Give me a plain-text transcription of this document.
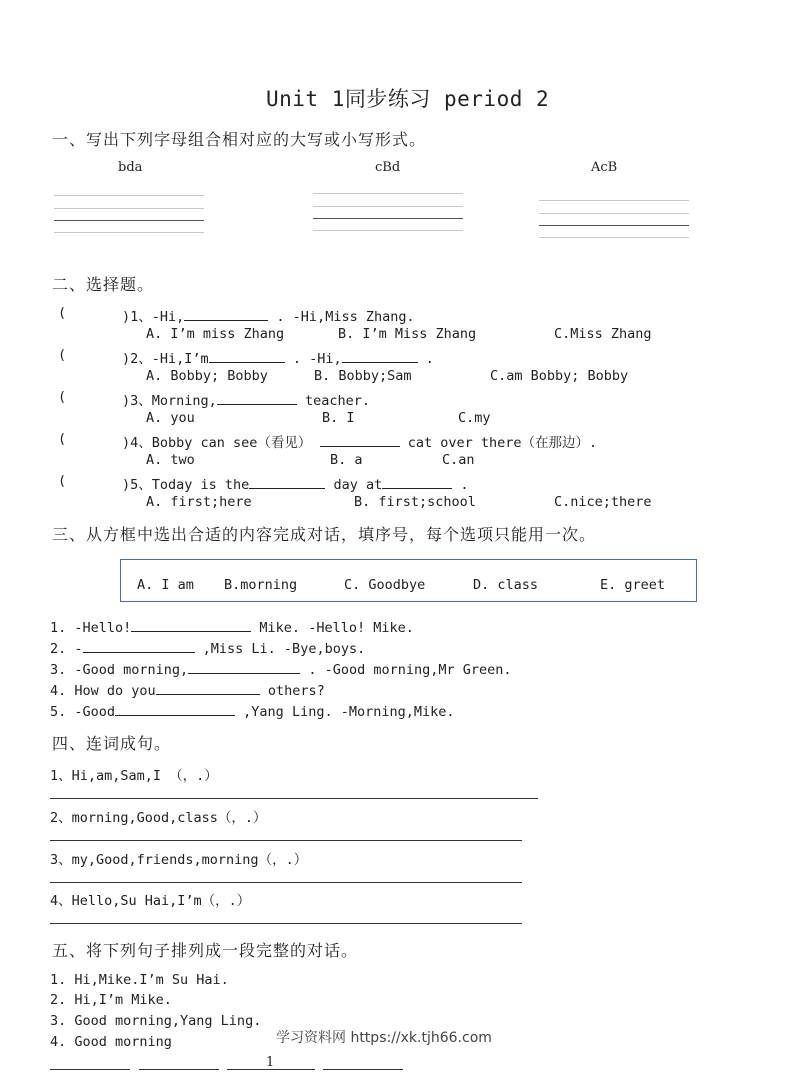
Unit 1同步练习 period 2
一、写出下列字母组合相对应的大写或小写形式。
bda	cBd	AcB
二、选择题。
(	)1、-Hi,	. -Hi,Miss Zhang.
A. I’m miss Zhang	B. I’m Miss Zhang	C.Miss Zhang
(	)2、-Hi,I’m	. -Hi,	.
A. Bobby; Bobby	B. Bobby;Sam	C.am Bobby; Bobby
(	)3、Morning,	teacher.
A. you	B. I	C.my
(	)4、Bobby can see（看见）	cat over there（在那边）.
A. two	B. a	C.an
(	)5、Today is the	day at	.
A. first;here	B. first;school	C.nice;there
三、从方框中选出合适的内容完成对话，填序号，每个选项只能用一次。
A. I am B.morning	C. Goodbye	D. class	E. greet
1. -Hello!	Mike. -Hello! Mike.
2. -	,Miss Li. -Bye,boys.
3. -Good morning,	. -Good morning,Mr Green.
4. How do you	others?
5. -Good	,Yang Ling. -Morning,Mike.
四、连词成句。
1、Hi,am,Sam,I （，.）
2、morning,Good,class（，.）
3、my,Good,friends,morning（，.）
4、Hello,Su Hai,I’m（，.）
五、将下列句子排列成一段完整的对话。
1. Hi,Mike.I’m Su Hai.
2. Hi,I’m Mike.
3. Good morning,Yang Ling.
4. Good morning	学习资料网 https://xk.tjh66.com
1
